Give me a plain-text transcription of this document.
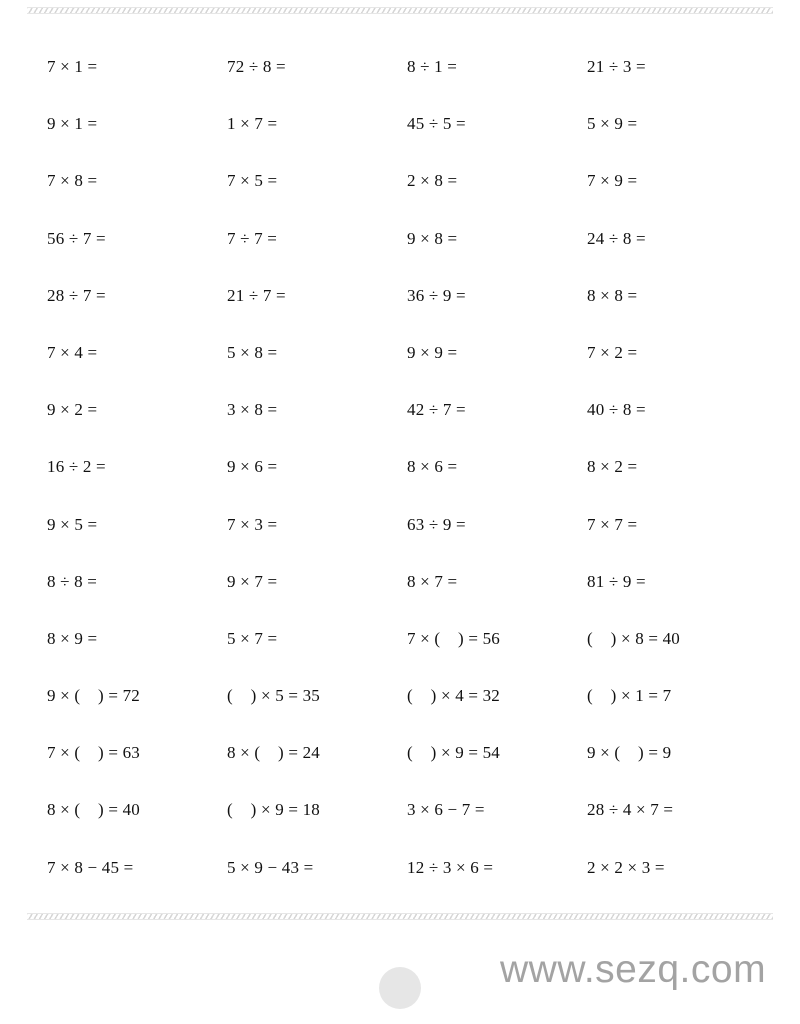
7 × 1 =	72 ÷ 8 =	8 ÷ 1 =	21 ÷ 3 =
9 × 1 =	1 × 7 =	45 ÷ 5 =	5 × 9 =
7 × 8 =	7 × 5 =	2 × 8 =	7 × 9 =
56 ÷ 7 =	7 ÷ 7 =	9 × 8 =	24 ÷ 8 =
28 ÷ 7 =	21 ÷ 7 =	36 ÷ 9 =	8 × 8 =
7 × 4 =	5 × 8 =	9 × 9 =	7 × 2 =
9 × 2 =	3 × 8 =	42 ÷ 7 =	40 ÷ 8 =
16 ÷ 2 =	9 × 6 =	8 × 6 =	8 × 2 =
9 × 5 =	7 × 3 =	63 ÷ 9 =	7 × 7 =
8 ÷ 8 =	9 × 7 =	8 × 7 =	81 ÷ 9 =
8 × 9 =	5 × 7 =	7 × (    ) = 56	(    ) × 8 = 40
9 × (    ) = 72	(    ) × 5 = 35	(    ) × 4 = 32	(    ) × 1 = 7
7 × (    ) = 63	8 × (    ) = 24	(    ) × 9 = 54	9 × (    ) = 9
8 × (    ) = 40	(    ) × 9 = 18	3 × 6 − 7 =	28 ÷ 4 × 7 =
7 × 8 − 45 =	5 × 9 − 43 =	12 ÷ 3 × 6 =	2 × 2 × 3 =
www.sezq.com
